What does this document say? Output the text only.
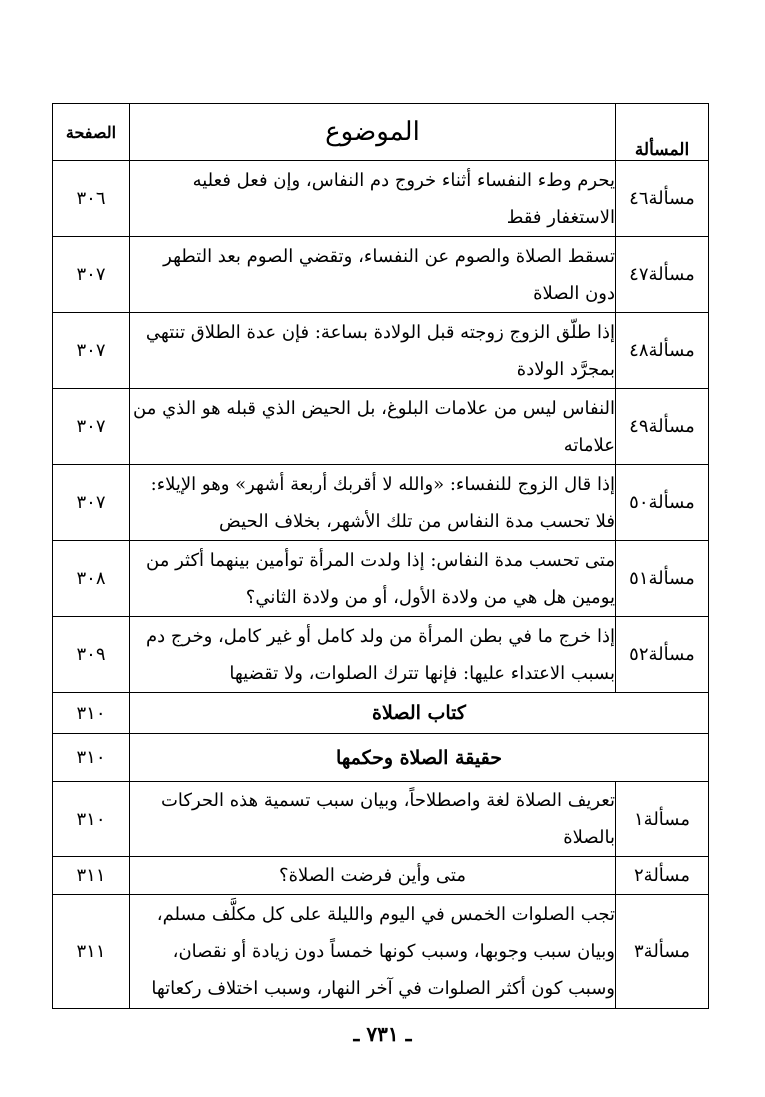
المسألة	الموضوع	الصفحة
مسألة٤٦	يحرم وطء النفساء أثناء خروج دم النفاس، وإن فعل فعليه الاستغفار فقط	٣٠٦
مسألة٤٧	تسقط الصلاة والصوم عن النفساء، وتقضي الصوم بعد التطهر دون الصلاة	٣٠٧
مسألة٤٨	إذا طلّق الزوج زوجته قبل الولادة بساعة: فإن عدة الطلاق تنتهي بمجرَّد الولادة	٣٠٧
مسألة٤٩	النفاس ليس من علامات البلوغ، بل الحيض الذي قبله هو الذي من علاماته	٣٠٧
مسألة٥٠	إذا قال الزوج للنفساء: «والله لا أقربك أربعة أشهر» وهو الإيلاء: فلا تحسب مدة النفاس من تلك الأشهر، بخلاف الحيض	٣٠٧
مسألة٥١	متى تحسب مدة النفاس: إذا ولدت المرأة توأمين بينهما أكثر من يومين هل هي من ولادة الأول، أو من ولادة الثاني؟	٣٠٨
مسألة٥٢	إذا خرج ما في بطن المرأة من ولد كامل أو غير كامل، وخرج دم بسبب الاعتداء عليها: فإنها تترك الصلوات، ولا تقضيها	٣٠٩
كتاب الصلاة		٣١٠
حقيقة الصلاة وحكمها		٣١٠
مسألة١	تعريف الصلاة لغة واصطلاحاً، وبيان سبب تسمية هذه الحركات بالصلاة	٣١٠
مسألة٢	متى وأين فرضت الصلاة؟	٣١١
مسألة٣	تجب الصلوات الخمس في اليوم والليلة على كل مكلَّف مسلم، وبيان سبب وجوبها، وسبب كونها خمساً دون زيادة أو نقصان، وسبب كون أكثر الصلوات في آخر النهار، وسبب اختلاف ركعاتها	٣١١
ـ ٧٣١ ـ
